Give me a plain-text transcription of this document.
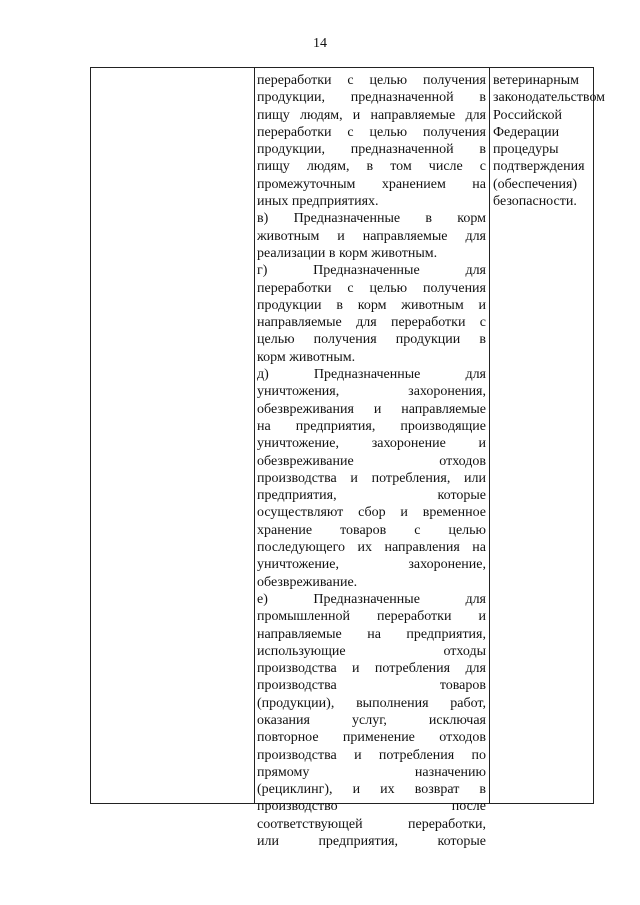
14
переработки с целью получения
продукции, предназначенной в
пищу людям, и направляемые для
переработки с целью получения
продукции, предназначенной в
пищу людям, в том числе с
промежуточным хранением на
иных предприятиях.
в) Предназначенные в корм
животным и направляемые для
реализации в корм животным.
г) Предназначенные для
переработки с целью получения
продукции в корм животным и
направляемые для переработки с
целью получения продукции в
корм животным.
д) Предназначенные для
уничтожения, захоронения,
обезвреживания и направляемые
на предприятия, производящие
уничтожение, захоронение и
обезвреживание отходов
производства и потребления, или
предприятия, которые
осуществляют сбор и временное
хранение товаров с целью
последующего их направления на
уничтожение, захоронение,
обезвреживание.
е) Предназначенные для
промышленной переработки и
направляемые на предприятия,
использующие отходы
производства и потребления для
производства товаров
(продукции), выполнения работ,
оказания услуг, исключая
повторное применение отходов
производства и потребления по
прямому назначению
(рециклинг), и их возврат в
производство после
соответствующей переработки,
или предприятия, которые
ветеринарным
законодательством
Российской
Федерации
процедуры
подтверждения
(обеспечения)
безопасности.
